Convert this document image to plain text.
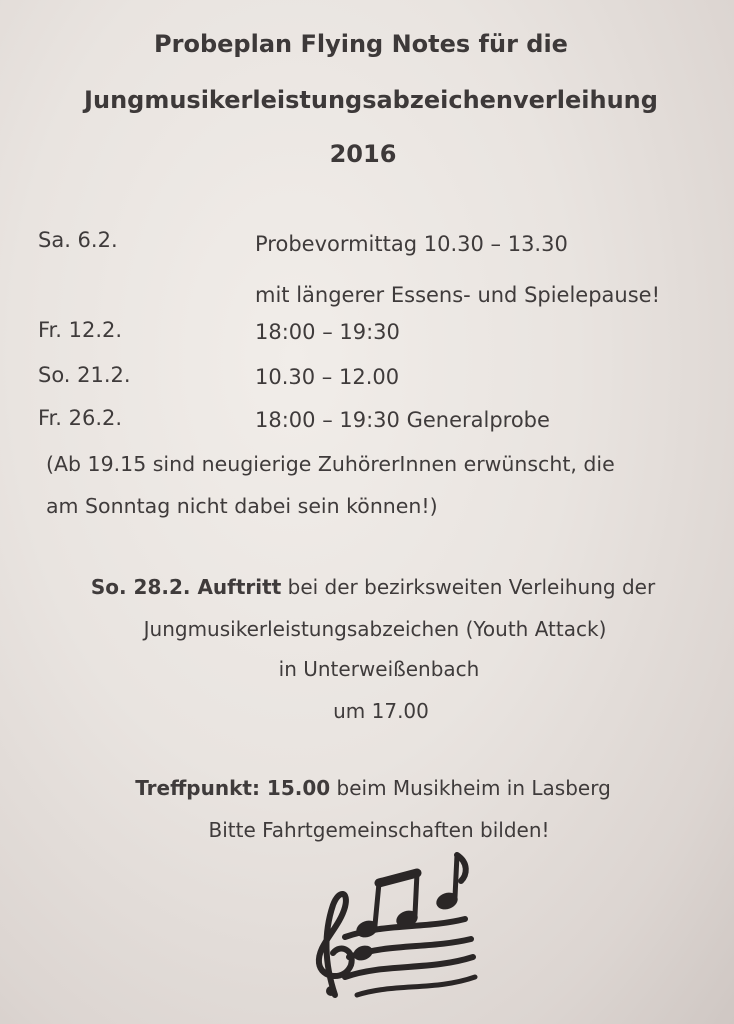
Probeplan Flying Notes für die
Jungmusikerleistungsabzeichenverleihung
2016
Sa. 6.2.	Probevormittag 10.30 – 13.30
mit längerer Essens- und Spielepause!
Fr. 12.2.	18:00 – 19:30
So. 21.2.	10.30 – 12.00
Fr. 26.2.	18:00 – 19:30 Generalprobe
(Ab 19.15 sind neugierige ZuhörerInnen erwünscht, die
am Sonntag nicht dabei sein können!)
So. 28.2. Auftritt bei der bezirksweiten Verleihung der
Jungmusikerleistungsabzeichen (Youth Attack)
in Unterweißenbach
um 17.00
Treffpunkt: 15.00 beim Musikheim in Lasberg
Bitte Fahrtgemeinschaften bilden!
